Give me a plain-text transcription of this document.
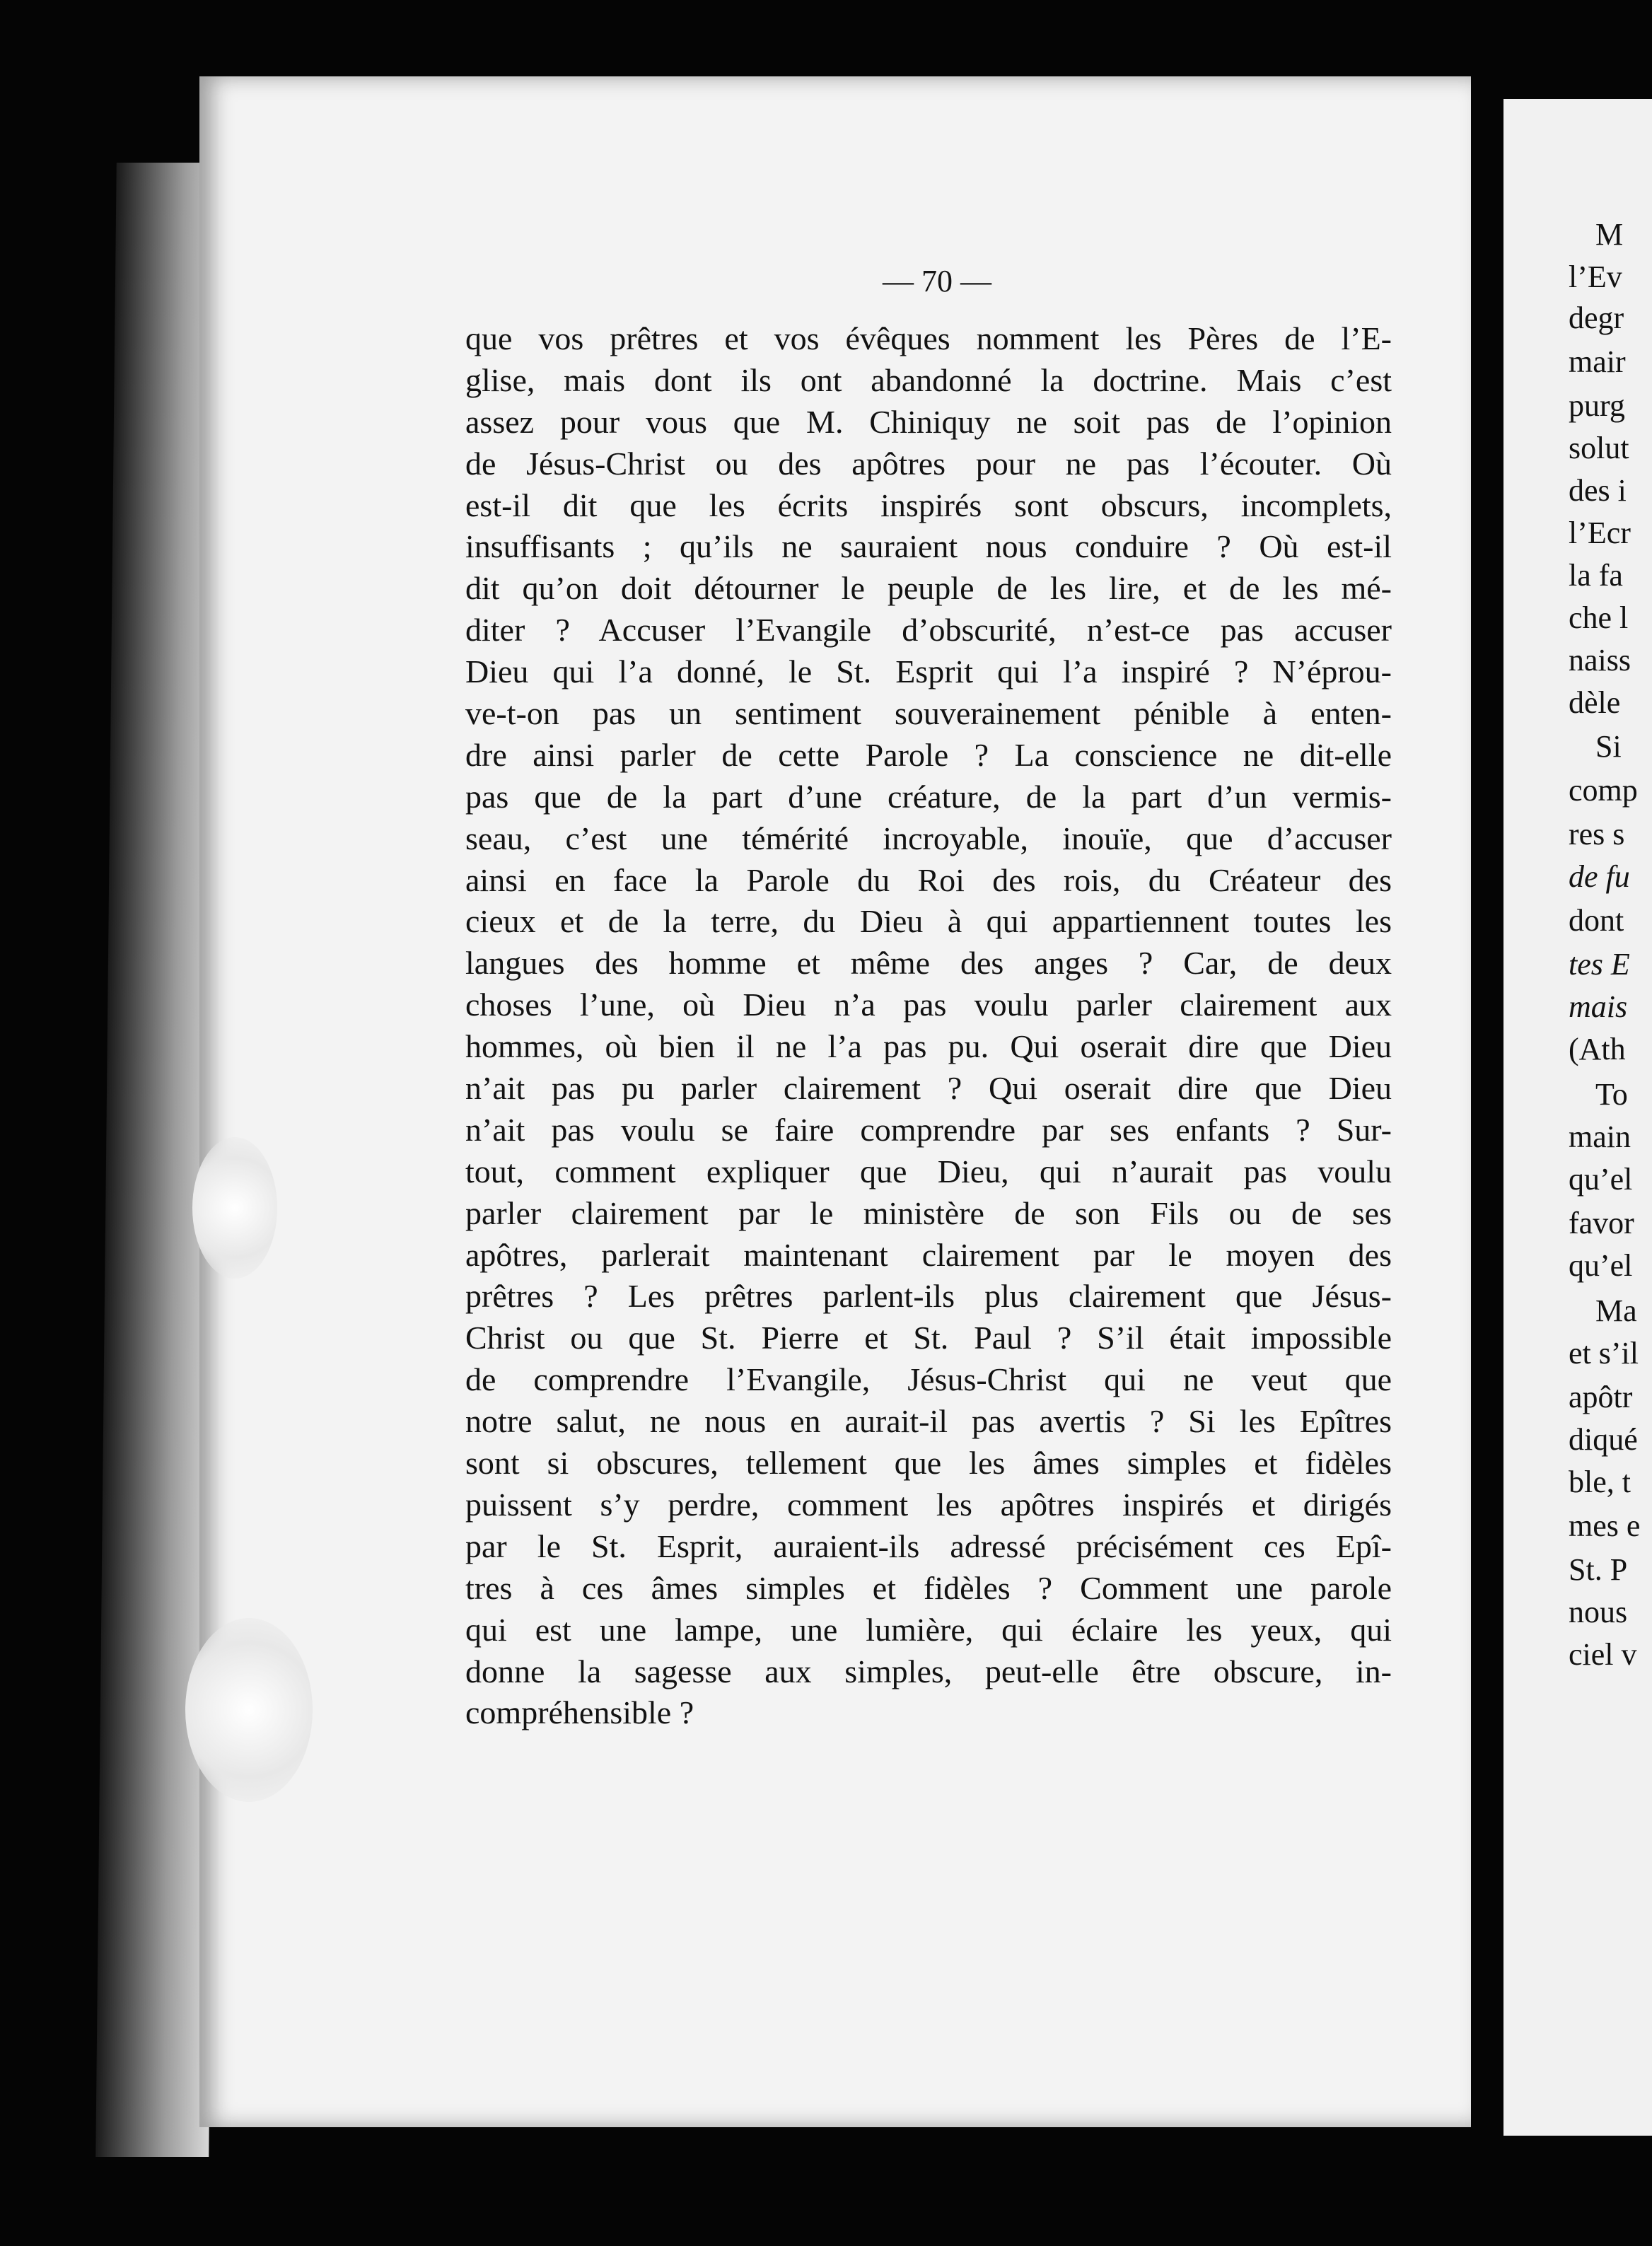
M
l’Ev
degr
mair
purg
solut
des i
l’Ecr
la fa
che l
naiss
dèle
Si
comp
res s
de fu
dont
tes E
mais
(Ath
To
main
qu’el
favor
qu’el
Ma
et s’il
apôtr
diqué
ble, t
mes e
St. P
nous
ciel v
— 70 —
que vos prêtres et vos évêques nomment les Pères de l’E-
glise, mais dont ils ont abandonné la doctrine. Mais c’est
assez pour vous que M. Chiniquy ne soit pas de l’opinion
de Jésus-Christ ou des apôtres pour ne pas l’écouter. Où
est-il dit que les écrits inspirés sont obscurs, incomplets,
insuffisants ; qu’ils ne sauraient nous conduire ? Où est-il
dit qu’on doit détourner le peuple de les lire, et de les mé-
diter ? Accuser l’Evangile d’obscurité, n’est-ce pas accuser
Dieu qui l’a donné, le St. Esprit qui l’a inspiré ? N’éprou-
ve-t-on pas un sentiment souverainement pénible à enten-
dre ainsi parler de cette Parole ? La conscience ne dit-elle
pas que de la part d’une créature, de la part d’un vermis-
seau, c’est une témérité incroyable, inouïe, que d’accuser
ainsi en face la Parole du Roi des rois, du Créateur des
cieux et de la terre, du Dieu à qui appartiennent toutes les
langues des homme et même des anges ? Car, de deux
choses l’une, où Dieu n’a pas voulu parler clairement aux
hommes, où bien il ne l’a pas pu. Qui oserait dire que Dieu
n’ait pas pu parler clairement ? Qui oserait dire que Dieu
n’ait pas voulu se faire comprendre par ses enfants ? Sur-
tout, comment expliquer que Dieu, qui n’aurait pas voulu
parler clairement par le ministère de son Fils ou de ses
apôtres, parlerait maintenant clairement par le moyen des
prêtres ? Les prêtres parlent-ils plus clairement que Jésus-
Christ ou que St. Pierre et St. Paul ? S’il était impossible
de comprendre l’Evangile, Jésus-Christ qui ne veut que
notre salut, ne nous en aurait-il pas avertis ? Si les Epîtres
sont si obscures, tellement que les âmes simples et fidèles
puissent s’y perdre, comment les apôtres inspirés et dirigés
par le St. Esprit, auraient-ils adressé précisément ces Epî-
tres à ces âmes simples et fidèles ? Comment une parole
qui est une lampe, une lumière, qui éclaire les yeux, qui
donne la sagesse aux simples, peut-elle être obscure, in-
compréhensible ?
